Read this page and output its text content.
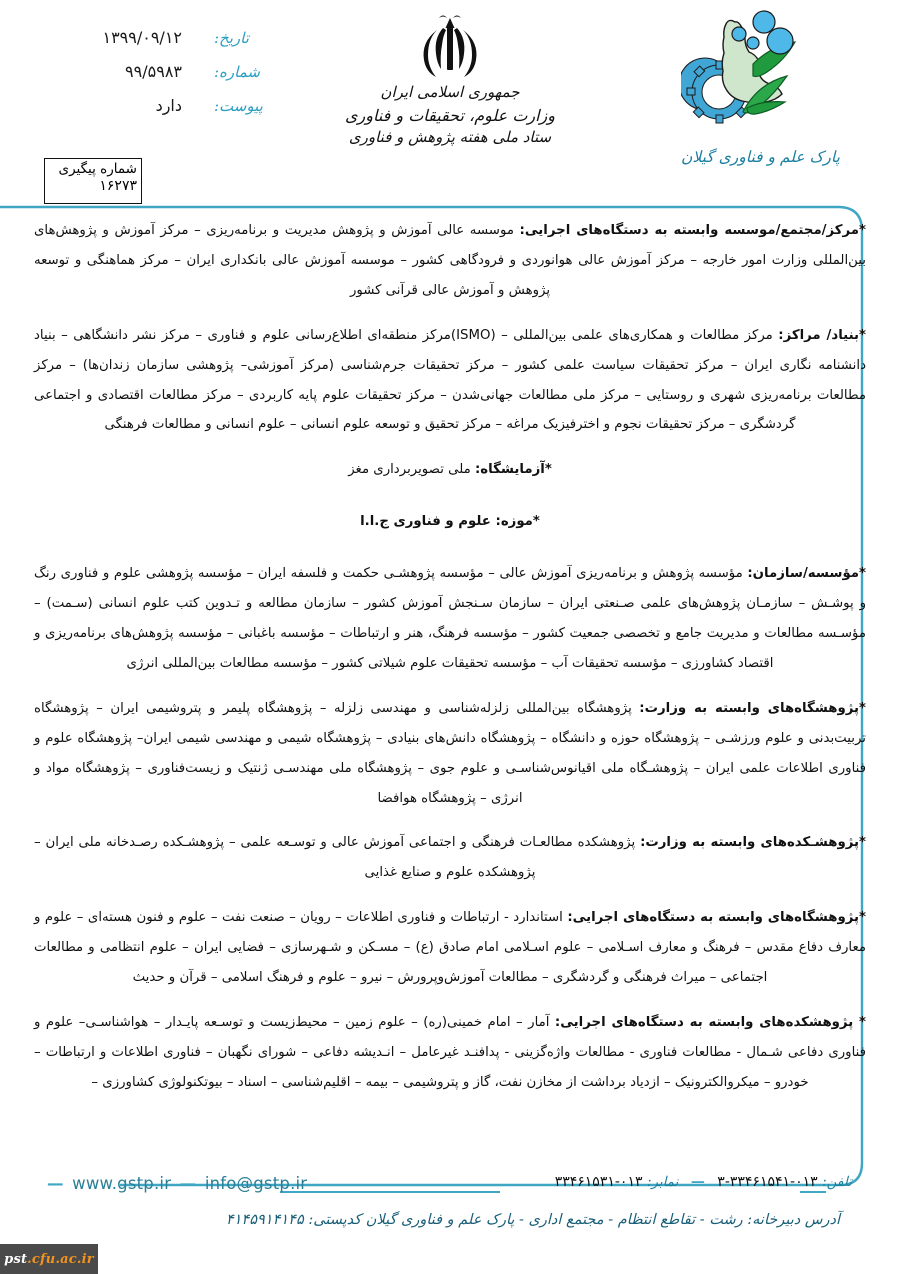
تاریخ:
۱۳۹۹/۰۹/۱۲
شماره:
۹۹/۵۹۸۳
پیوست:
دارد
شماره پیگیری
۱۶۲۷۳
جمهوری اسلامی ایران
وزارت علوم، تحقیقات و فناوری
ستاد ملی هفته پژوهش و فناوری
پارک علم و فناوری گیلان

*مرکز/مجتمع/موسسه وابسته به دستگاه‌های اجرایی: موسسه عالی آموزش و پژوهش مدیریت و برنامه‌ریزی – مرکز آموزش و پژوهش‌های بین‌المللی وزارت امور خارجه – مرکز آموزش عالی هوانوردی و فرودگاهی کشور – موسسه آموزش عالی بانکداری ایران – مرکز هماهنگی و توسعه پژوهش و آموزش عالی قرآنی کشور

*بنیاد/ مراکز: مرکز مطالعات و همکاری‌های علمی بین‌المللی – (ISMO)مرکز منطقه‌ای اطلاع‌رسانی علوم و فناوری – مرکز نشر دانشگاهی – بنیاد دانشنامه نگاری ایران – مرکز تحقیقات سیاست علمی کشور – مرکز تحقیقات جرم‌شناسی (مرکز آموزشی– پژوهشی سازمان زندان‌ها) – مرکز مطالعات برنامه‌ریزی شهری و روستایی – مرکز ملی مطالعات جهانی‌شدن – مرکز تحقیقات علوم پایه کاربردی – مرکز مطالعات اقتصادی و اجتماعی گردشگری – مرکز تحقیقات نجوم و اخترفیزیک مراغه – مرکز تحقیق و توسعه علوم انسانی – علوم انسانی و مطالعات فرهنگی

*آزمایشگاه: ملی تصویربرداری مغز

*موزه: علوم و فناوری ج.ا.ا

*مؤسسه/سازمان: مؤسسه پژوهش و برنامه‌ریزی آموزش عالی – مؤسسه پژوهشـی حکمت و فلسفه ایران – مؤسسه پژوهشی علوم و فناوری رنگ و پوشـش – سازمـان پژوهش‌های علمی صـنعتی ایران – سازمان سـنجش آموزش کشور – سازمان مطالعه و تـدوین کتب علوم انسانی (سـمت) – مؤسـسه مطالعات و مدیریت جامع و تخصصی جمعیت کشور – مؤسسه فرهنگ، هنر و ارتباطات – مؤسسه باغبانی – مؤسسه پژوهش‌های برنامه‌ریزی و اقتصاد کشاورزی – مؤسسه تحقیقات آب – مؤسسه تحقیقات علوم شیلاتی کشور – مؤسسه مطالعات بین‌المللی انرژی

*پژوهشگاه‌های وابسته به وزارت: پژوهشگاه بین‌المللی زلزله‌شناسی و مهندسی زلزله – پژوهشگاه پلیمر و پتروشیمی ایران – پژوهشگاه تربیت‌بدنی و علوم ورزشـی – پژوهشگاه حوزه و دانشگاه – پژوهشگاه دانش‌های بنیادی – پژوهشگاه شیمی و مهندسی شیمی ایران– پژوهشگاه علوم و فناوری اطلاعات علمی ایران – پژوهشـگاه ملی اقیانوس‌شناسـی و علوم جوی – پژوهشگاه ملی مهندسـی ژنتیک و زیست‌فناوری – پژوهشگاه مواد و انرژی – پژوهشگاه هوافضا

*پژوهشـکده‌های وابسته به وزارت: پژوهشکده مطالعـات فرهنگی و اجتماعی آموزش عالی و توسـعه علمی – پژوهشـکده رصـدخانه ملی ایران – پژوهشکده علوم و صنایع غذایی

*پژوهشگاه‌های وابسته به دستگاه‌های اجرایی: استاندارد - ارتباطات و فناوری اطلاعات – رویان – صنعت نفت – علوم و فنون هسته‌ای – علوم و معارف دفاع مقدس – فرهنگ و معارف اسـلامی – علوم اسـلامی امام صادق (ع) – مسـکن و شـهرسازی – فضایی ایران – علوم انتظامی و مطالعات اجتماعی – میراث فرهنگی و گردشگری – مطالعات آموزش‌وپرورش – نیرو – علوم و فرهنگ اسلامی – قرآن و حدیث

* پژوهشکده‌های وابسته به دستگاه‌های اجرایی: آمار – امام خمینی(ره) – علوم زمین – محیط‌زیست و توسـعه پایـدار – هواشناسـی– علوم و فناوری دفاعی شـمال - مطالعات فناوری - مطالعات واژه‌گزینی - پدافنـد غیرعامل – انـدیشه دفاعی – شورای نگهبان – فناوری اطلاعات و ارتباطات – خودرو – میکروالکترونیک – ازدیاد برداشت از مخازن نفت، گاز و پتروشیمی – بیمه – اقلیم‌شناسی – اسناد – بیوتکنولوژی کشاورزی –

— www.gstp.ir — info@gstp.ir	تلفن: ۰۱۳-۳۳۴۶۱۵۴۱-۳ — نمابر: ۰۱۳-۳۳۴۶۱۵۳۱
آدرس دبیرخانه: رشت - تقاطع انتظام - مجتمع اداری - پارک علم و فناوری گیلان کدپستی: ۴۱۴۵۹۱۴۱۴۵
pst .cfu.ac.ir
